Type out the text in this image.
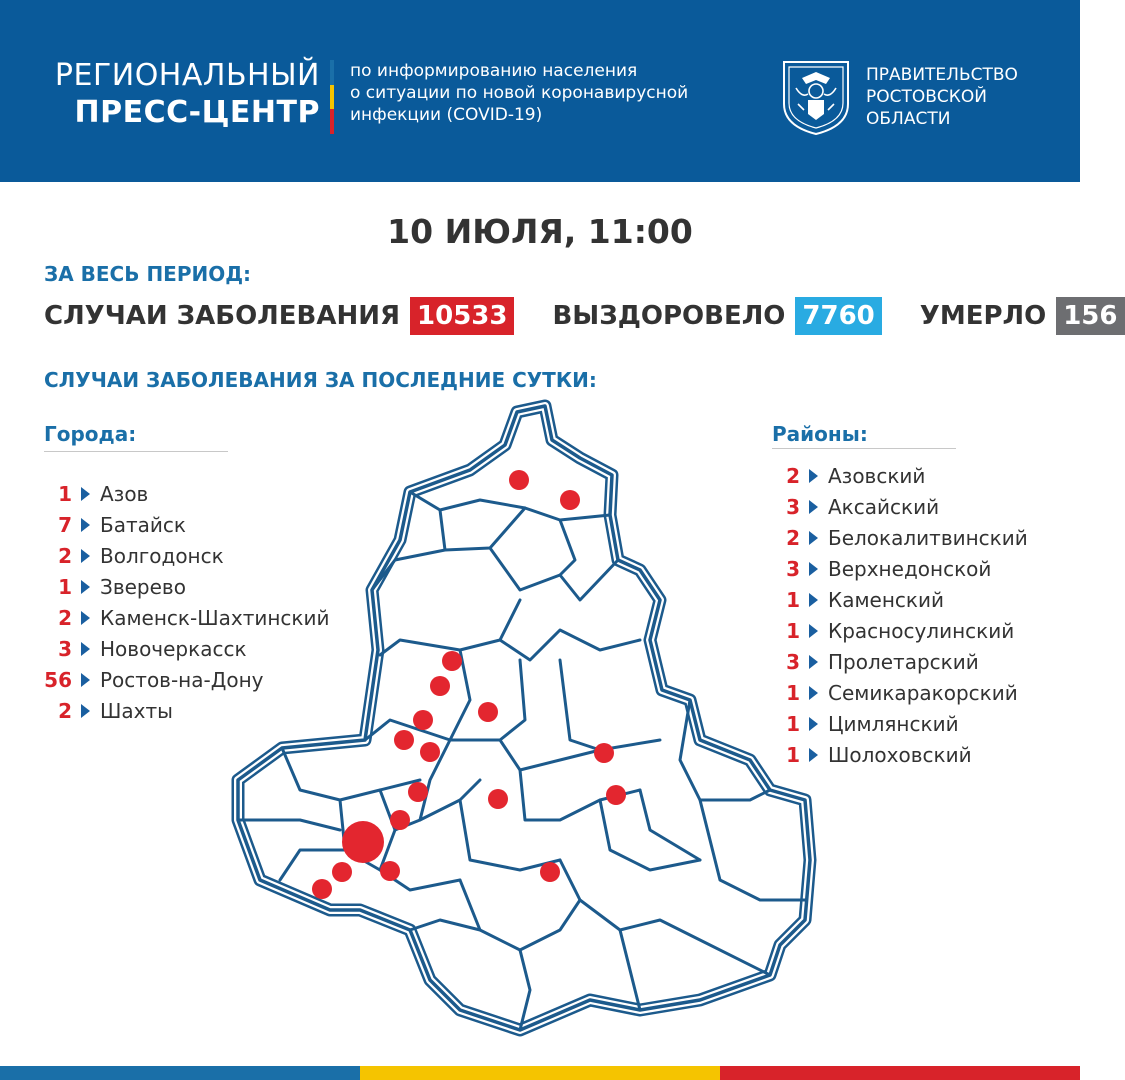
РЕГИОНАЛЬНЫЙ
ПРЕСС-ЦЕНТР
по информированию населения
о ситуации по новой коронавирусной
инфекции (COVID-19)
ПРАВИТЕЛЬСТВО
РОСТОВСКОЙ
ОБЛАСТИ
10 ИЮЛЯ, 11:00
ЗА ВЕСЬ ПЕРИОД:
СЛУЧАИ ЗАБОЛЕВАНИЯ 10533 ВЫЗДОРОВЕЛО 7760 УМЕРЛО 156
СЛУЧАИ ЗАБОЛЕВАНИЯ ЗА ПОСЛЕДНИЕ СУТКИ:
Города:
1 Азов
7 Батайск
2 Волгодонск
1 Зверево
2 Каменск-Шахтинский
3 Новочеркасск
56 Ростов-на-Дону
2 Шахты
Районы:
2 Азовский
3 Аксайский
2 Белокалитвинский
3 Верхнедонской
1 Каменский
1 Красносулинский
3 Пролетарский
1 Семикаракорский
1 Цимлянский
1 Шолоховский
